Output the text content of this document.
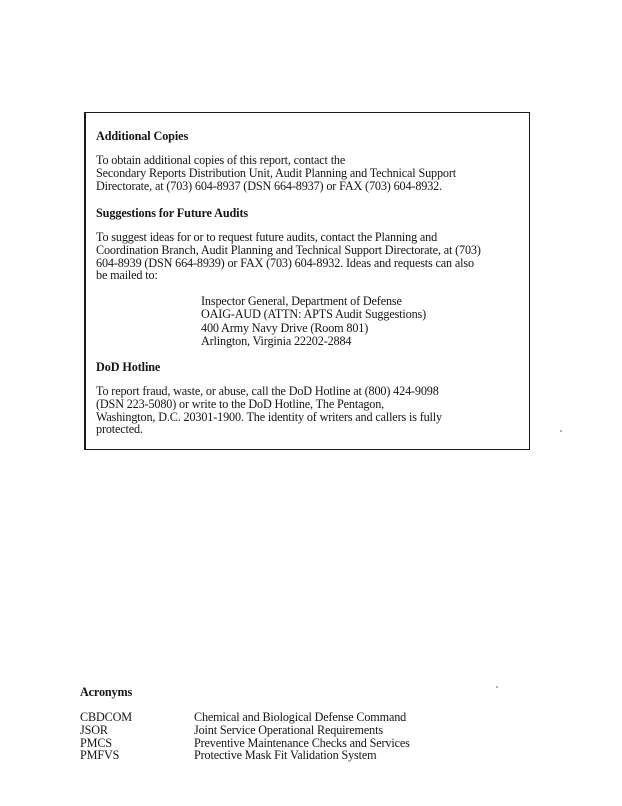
Additional Copies

To obtain additional copies of this report, contact the
Secondary Reports Distribution Unit, Audit Planning and Technical Support
Directorate, at (703) 604-8937 (DSN 664-8937) or FAX (703) 604-8932.

Suggestions for Future Audits

To suggest ideas for or to request future audits, contact the Planning and
Coordination Branch, Audit Planning and Technical Support Directorate, at (703)
604-8939 (DSN 664-8939) or FAX (703) 604-8932. Ideas and requests can also
be mailed to:

Inspector General, Department of Defense
OAIG-AUD (ATTN: APTS Audit Suggestions)
400 Army Navy Drive (Room 801)
Arlington, Virginia 22202-2884
DoD Hotline

To report fraud, waste, or abuse, call the DoD Hotline at (800) 424-9098
(DSN 223-5080) or write to the DoD Hotline, The Pentagon,
Washington, D.C. 20301-1900. The identity of writers and callers is fully
protected.

Acronyms
CBDCOM	Chemical and Biological Defense Command
JSOR	Joint Service Operational Requirements
PMCS	Preventive Maintenance Checks and Services
PMFVS	Protective Mask Fit Validation System
